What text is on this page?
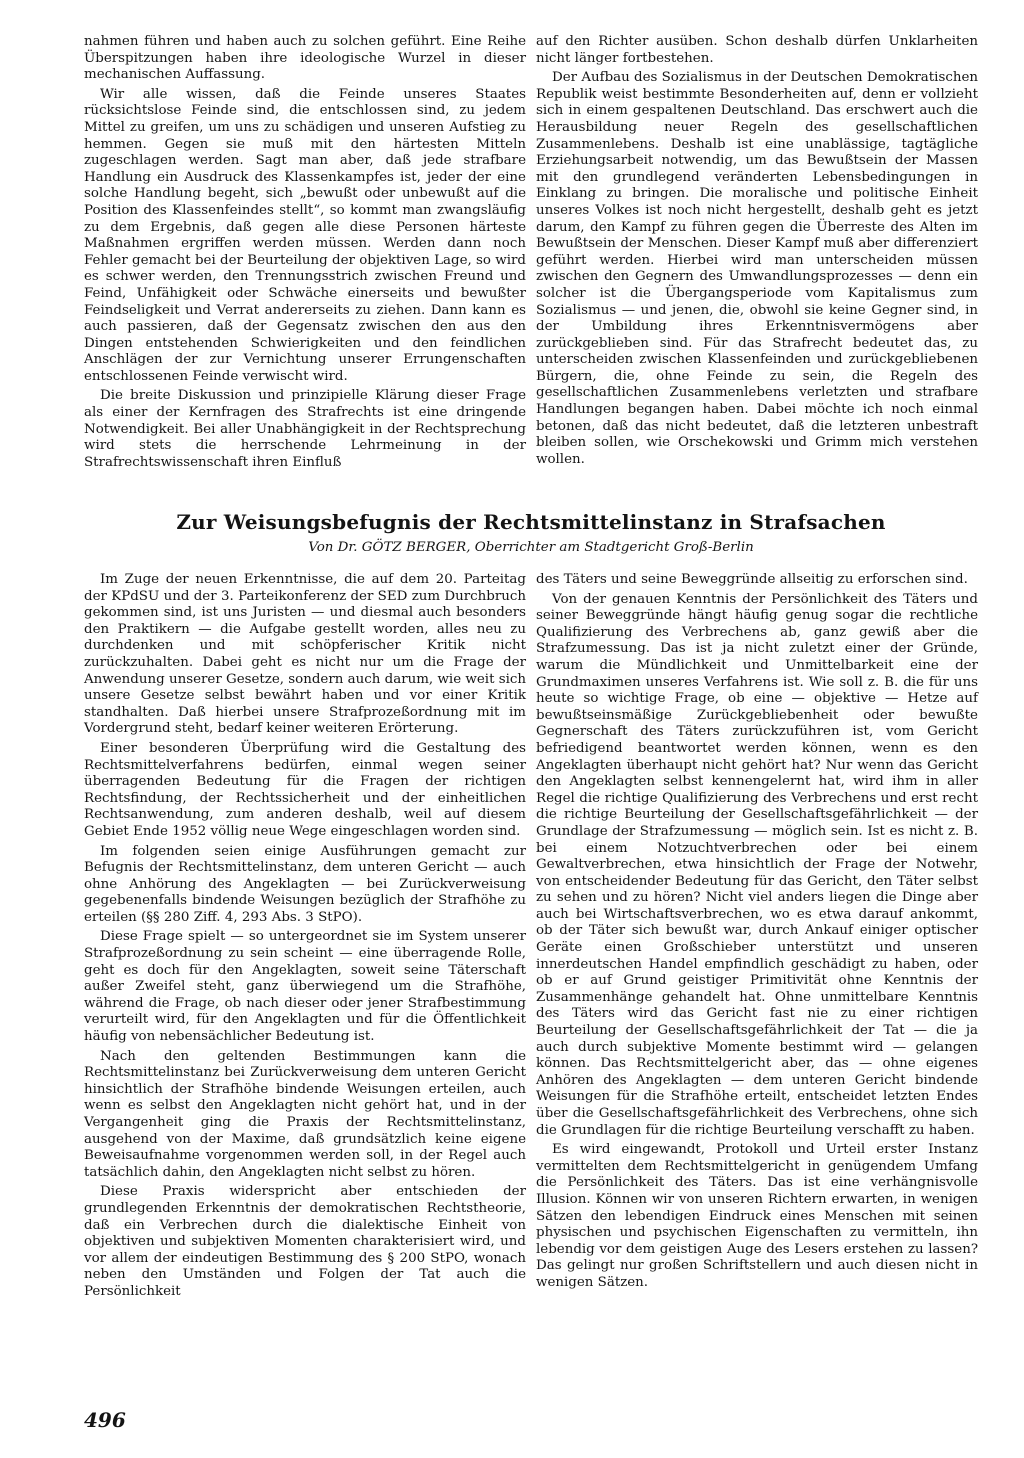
nahmen führen und haben auch zu solchen geführt. Eine Reihe Überspitzungen haben ihre ideologische Wurzel in dieser mechanischen Auffassung.

Wir alle wissen, daß die Feinde unseres Staates rücksichtslose Feinde sind, die entschlossen sind, zu jedem Mittel zu greifen, um uns zu schädigen und unseren Aufstieg zu hemmen. Gegen sie muß mit den härtesten Mitteln zugeschlagen werden. Sagt man aber, daß jede strafbare Handlung ein Ausdruck des Klassenkampfes ist, jeder der eine solche Handlung begeht, sich „bewußt oder unbewußt auf die Position des Klassenfeindes stellt“, so kommt man zwangsläufig zu dem Ergebnis, daß gegen alle diese Personen härteste Maßnahmen ergriffen werden müssen. Werden dann noch Fehler gemacht bei der Beurteilung der objektiven Lage, so wird es schwer werden, den Trennungsstrich zwischen Freund und Feind, Unfähigkeit oder Schwäche einerseits und bewußter Feindseligkeit und Verrat andererseits zu ziehen. Dann kann es auch passieren, daß der Gegensatz zwischen den aus den Dingen entstehenden Schwierigkeiten und den feindlichen Anschlägen der zur Vernichtung unserer Errungenschaften entschlossenen Feinde verwischt wird.

Die breite Diskussion und prinzipielle Klärung dieser Frage als einer der Kernfragen des Strafrechts ist eine dringende Notwendigkeit. Bei aller Unabhängigkeit in der Rechtsprechung wird stets die herrschende Lehrmeinung in der Strafrechtswissenschaft ihren Einfluß

auf den Richter ausüben. Schon deshalb dürfen Unklarheiten nicht länger fortbestehen.

Der Aufbau des Sozialismus in der Deutschen Demokratischen Republik weist bestimmte Besonderheiten auf, denn er vollzieht sich in einem gespaltenen Deutschland. Das erschwert auch die Herausbildung neuer Regeln des gesellschaftlichen Zusammenlebens. Deshalb ist eine unablässige, tagtägliche Erziehungsarbeit notwendig, um das Bewußtsein der Massen mit den grundlegend veränderten Lebensbedingungen in Einklang zu bringen. Die moralische und politische Einheit unseres Volkes ist noch nicht hergestellt, deshalb geht es jetzt darum, den Kampf zu führen gegen die Überreste des Alten im Bewußtsein der Menschen. Dieser Kampf muß aber differenziert geführt werden. Hierbei wird man unterscheiden müssen zwischen den Gegnern des Umwandlungsprozesses — denn ein solcher ist die Übergangsperiode vom Kapitalismus zum Sozialismus — und jenen, die, obwohl sie keine Gegner sind, in der Umbildung ihres Erkenntnisvermögens aber zurückgeblieben sind. Für das Strafrecht bedeutet das, zu unterscheiden zwischen Klassenfeinden und zurückgebliebenen Bürgern, die, ohne Feinde zu sein, die Regeln des gesellschaftlichen Zusammenlebens verletzten und strafbare Handlungen begangen haben. Dabei möchte ich noch einmal betonen, daß das nicht bedeutet, daß die letzteren unbestraft bleiben sollen, wie Orschekowski und Grimm mich verstehen wollen.

Zur Weisungsbefugnis der Rechtsmittelinstanz in Strafsachen
Von Dr. GÖTZ BERGER, Oberrichter am Stadtgericht Groß-Berlin

Im Zuge der neuen Erkenntnisse, die auf dem 20. Parteitag der KPdSU und der 3. Parteikonferenz der SED zum Durchbruch gekommen sind, ist uns Juristen — und diesmal auch besonders den Praktikern — die Aufgabe gestellt worden, alles neu zu durchdenken und mit schöpferischer Kritik nicht zurückzuhalten. Dabei geht es nicht nur um die Frage der Anwendung unserer Gesetze, sondern auch darum, wie weit sich unsere Gesetze selbst bewährt haben und vor einer Kritik standhalten. Daß hierbei unsere Strafprozeßordnung mit im Vordergrund steht, bedarf keiner weiteren Erörterung.

Einer besonderen Überprüfung wird die Gestaltung des Rechtsmittelverfahrens bedürfen, einmal wegen seiner überragenden Bedeutung für die Fragen der richtigen Rechtsfindung, der Rechtssicherheit und der einheitlichen Rechtsanwendung, zum anderen deshalb, weil auf diesem Gebiet Ende 1952 völlig neue Wege eingeschlagen worden sind.

Im folgenden seien einige Ausführungen gemacht zur Befugnis der Rechtsmittelinstanz, dem unteren Gericht — auch ohne Anhörung des Angeklagten — bei Zurückverweisung gegebenenfalls bindende Weisungen bezüglich der Strafhöhe zu erteilen (§§ 280 Ziff. 4, 293 Abs. 3 StPO).

Diese Frage spielt — so untergeordnet sie im System unserer Strafprozeßordnung zu sein scheint — eine überragende Rolle, geht es doch für den Angeklagten, soweit seine Täterschaft außer Zweifel steht, ganz überwiegend um die Strafhöhe, während die Frage, ob nach dieser oder jener Strafbestimmung verurteilt wird, für den Angeklagten und für die Öffentlichkeit häufig von nebensächlicher Bedeutung ist.

Nach den geltenden Bestimmungen kann die Rechtsmittelinstanz bei Zurückverweisung dem unteren Gericht hinsichtlich der Strafhöhe bindende Weisungen erteilen, auch wenn es selbst den Angeklagten nicht gehört hat, und in der Vergangenheit ging die Praxis der Rechtsmittelinstanz, ausgehend von der Maxime, daß grundsätzlich keine eigene Beweisaufnahme vorgenommen werden soll, in der Regel auch tatsächlich dahin, den Angeklagten nicht selbst zu hören.

Diese Praxis widerspricht aber entschieden der grundlegenden Erkenntnis der demokratischen Rechtstheorie, daß ein Verbrechen durch die dialektische Einheit von objektiven und subjektiven Momenten charakterisiert wird, und vor allem der eindeutigen Bestimmung des § 200 StPO, wonach neben den Umständen und Folgen der Tat auch die Persönlichkeit

des Täters und seine Beweggründe allseitig zu erforschen sind.

Von der genauen Kenntnis der Persönlichkeit des Täters und seiner Beweggründe hängt häufig genug sogar die rechtliche Qualifizierung des Verbrechens ab, ganz gewiß aber die Strafzumessung. Das ist ja nicht zuletzt einer der Gründe, warum die Mündlichkeit und Unmittelbarkeit eine der Grundmaximen unseres Verfahrens ist. Wie soll z. B. die für uns heute so wichtige Frage, ob eine — objektive — Hetze auf bewußtseinsmäßige Zurückgebliebenheit oder bewußte Gegnerschaft des Täters zurückzuführen ist, vom Gericht befriedigend beantwortet werden können, wenn es den Angeklagten überhaupt nicht gehört hat? Nur wenn das Gericht den Angeklagten selbst kennengelernt hat, wird ihm in aller Regel die richtige Qualifizierung des Verbrechens und erst recht die richtige Beurteilung der Gesellschaftsgefährlichkeit — der Grundlage der Strafzumessung — möglich sein. Ist es nicht z. B. bei einem Notzuchtverbrechen oder bei einem Gewaltverbrechen, etwa hinsichtlich der Frage der Notwehr, von entscheidender Bedeutung für das Gericht, den Täter selbst zu sehen und zu hören? Nicht viel anders liegen die Dinge aber auch bei Wirtschaftsverbrechen, wo es etwa darauf ankommt, ob der Täter sich bewußt war, durch Ankauf einiger optischer Geräte einen Großschieber unterstützt und unseren innerdeutschen Handel empfindlich geschädigt zu haben, oder ob er auf Grund geistiger Primitivität ohne Kenntnis der Zusammenhänge gehandelt hat. Ohne unmittelbare Kenntnis des Täters wird das Gericht fast nie zu einer richtigen Beurteilung der Gesellschaftsgefährlichkeit der Tat — die ja auch durch subjektive Momente bestimmt wird — gelangen können. Das Rechtsmittelgericht aber, das — ohne eigenes Anhören des Angeklagten — dem unteren Gericht bindende Weisungen für die Strafhöhe erteilt, entscheidet letzten Endes über die Gesellschaftsgefährlichkeit des Verbrechens, ohne sich die Grundlagen für die richtige Beurteilung verschafft zu haben.

Es wird eingewandt, Protokoll und Urteil erster Instanz vermittelten dem Rechtsmittelgericht in genügendem Umfang die Persönlichkeit des Täters. Das ist eine verhängnisvolle Illusion. Können wir von unseren Richtern erwarten, in wenigen Sätzen den lebendigen Eindruck eines Menschen mit seinen physischen und psychischen Eigenschaften zu vermitteln, ihn lebendig vor dem geistigen Auge des Lesers erstehen zu lassen? Das gelingt nur großen Schriftstellern und auch diesen nicht in wenigen Sätzen.

496
